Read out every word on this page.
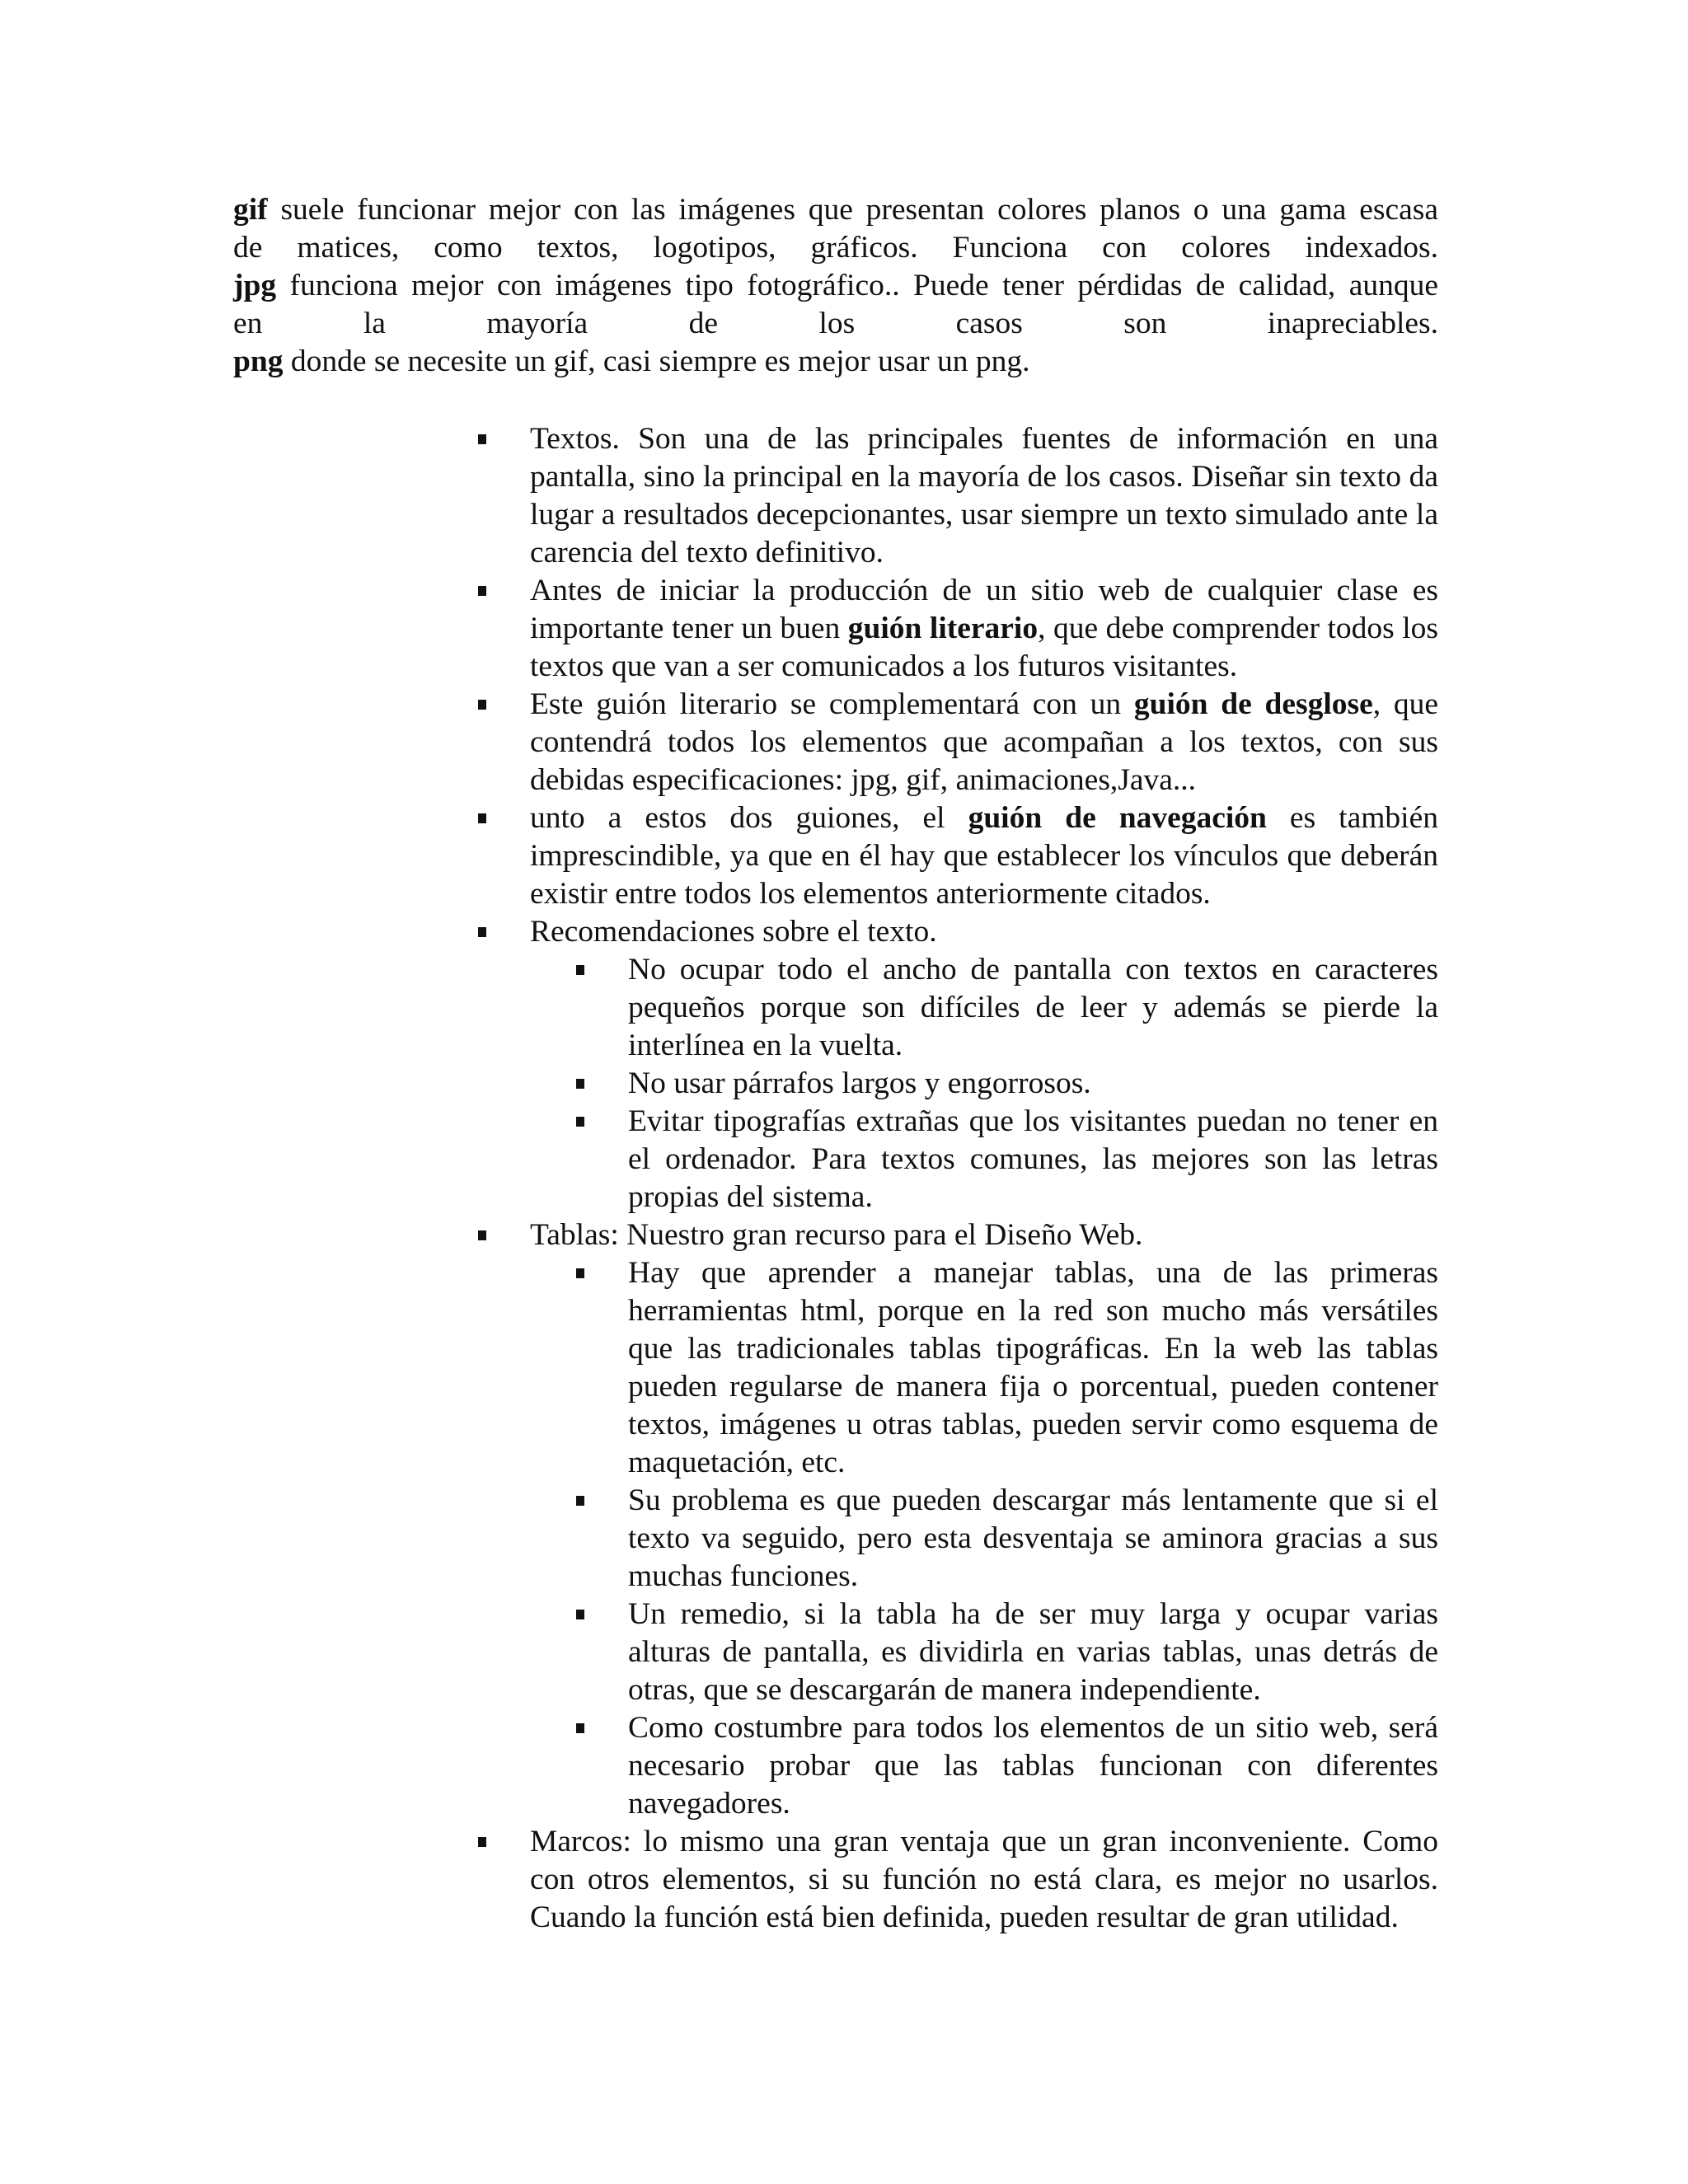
gif suele funcionar mejor con las imágenes que presentan colores planos o una gama escasa
de matices, como textos, logotipos, gráficos. Funciona con colores indexados.
jpg funciona mejor con imágenes tipo fotográfico.. Puede tener pérdidas de calidad, aunque
en la mayoría de los casos son inapreciables.
png donde se necesite un gif, casi siempre es mejor usar un png.
Textos. Son una de las principales fuentes de información en una pantalla, sino la principal en la mayoría de los casos. Diseñar sin texto da lugar a resultados decepcionantes, usar siempre un texto simulado ante la carencia del texto definitivo.
Antes de iniciar la producción de un sitio web de cualquier clase es importante tener un buen guión literario, que debe comprender todos los textos que van a ser comunicados a los futuros visitantes.
Este guión literario se complementará con un guión de desglose, que contendrá todos los elementos que acompañan a los textos, con sus debidas especificaciones: jpg, gif, animaciones,Java...
unto a estos dos guiones, el guión de navegación es también imprescindible, ya que en él hay que establecer los vínculos que deberán existir entre todos los elementos anteriormente citados.
Recomendaciones sobre el texto.
No ocupar todo el ancho de pantalla con textos en caracteres pequeños porque son difíciles de leer y además se pierde la interlínea en la vuelta.
No usar párrafos largos y engorrosos.
Evitar tipografías extrañas que los visitantes puedan no tener en el ordenador. Para textos comunes, las mejores son las letras propias del sistema.
Tablas: Nuestro gran recurso para el Diseño Web.
Hay que aprender a manejar tablas, una de las primeras herramientas html, porque en la red son mucho más versátiles que las tradicionales tablas tipográficas. En la web las tablas pueden regularse de manera fija o porcentual, pueden contener textos, imágenes u otras tablas, pueden servir como esquema de maquetación, etc.
Su problema es que pueden descargar más lentamente que si el texto va seguido, pero esta desventaja se aminora gracias a sus muchas funciones.
Un remedio, si la tabla ha de ser muy larga y ocupar varias alturas de pantalla, es dividirla en varias tablas, unas detrás de otras, que se descargarán de manera independiente.
Como costumbre para todos los elementos de un sitio web, será necesario probar que las tablas funcionan con diferentes navegadores.
Marcos: lo mismo una gran ventaja que un gran inconveniente. Como con otros elementos, si su función no está clara, es mejor no usarlos. Cuando la función está bien definida, pueden resultar de gran utilidad.
